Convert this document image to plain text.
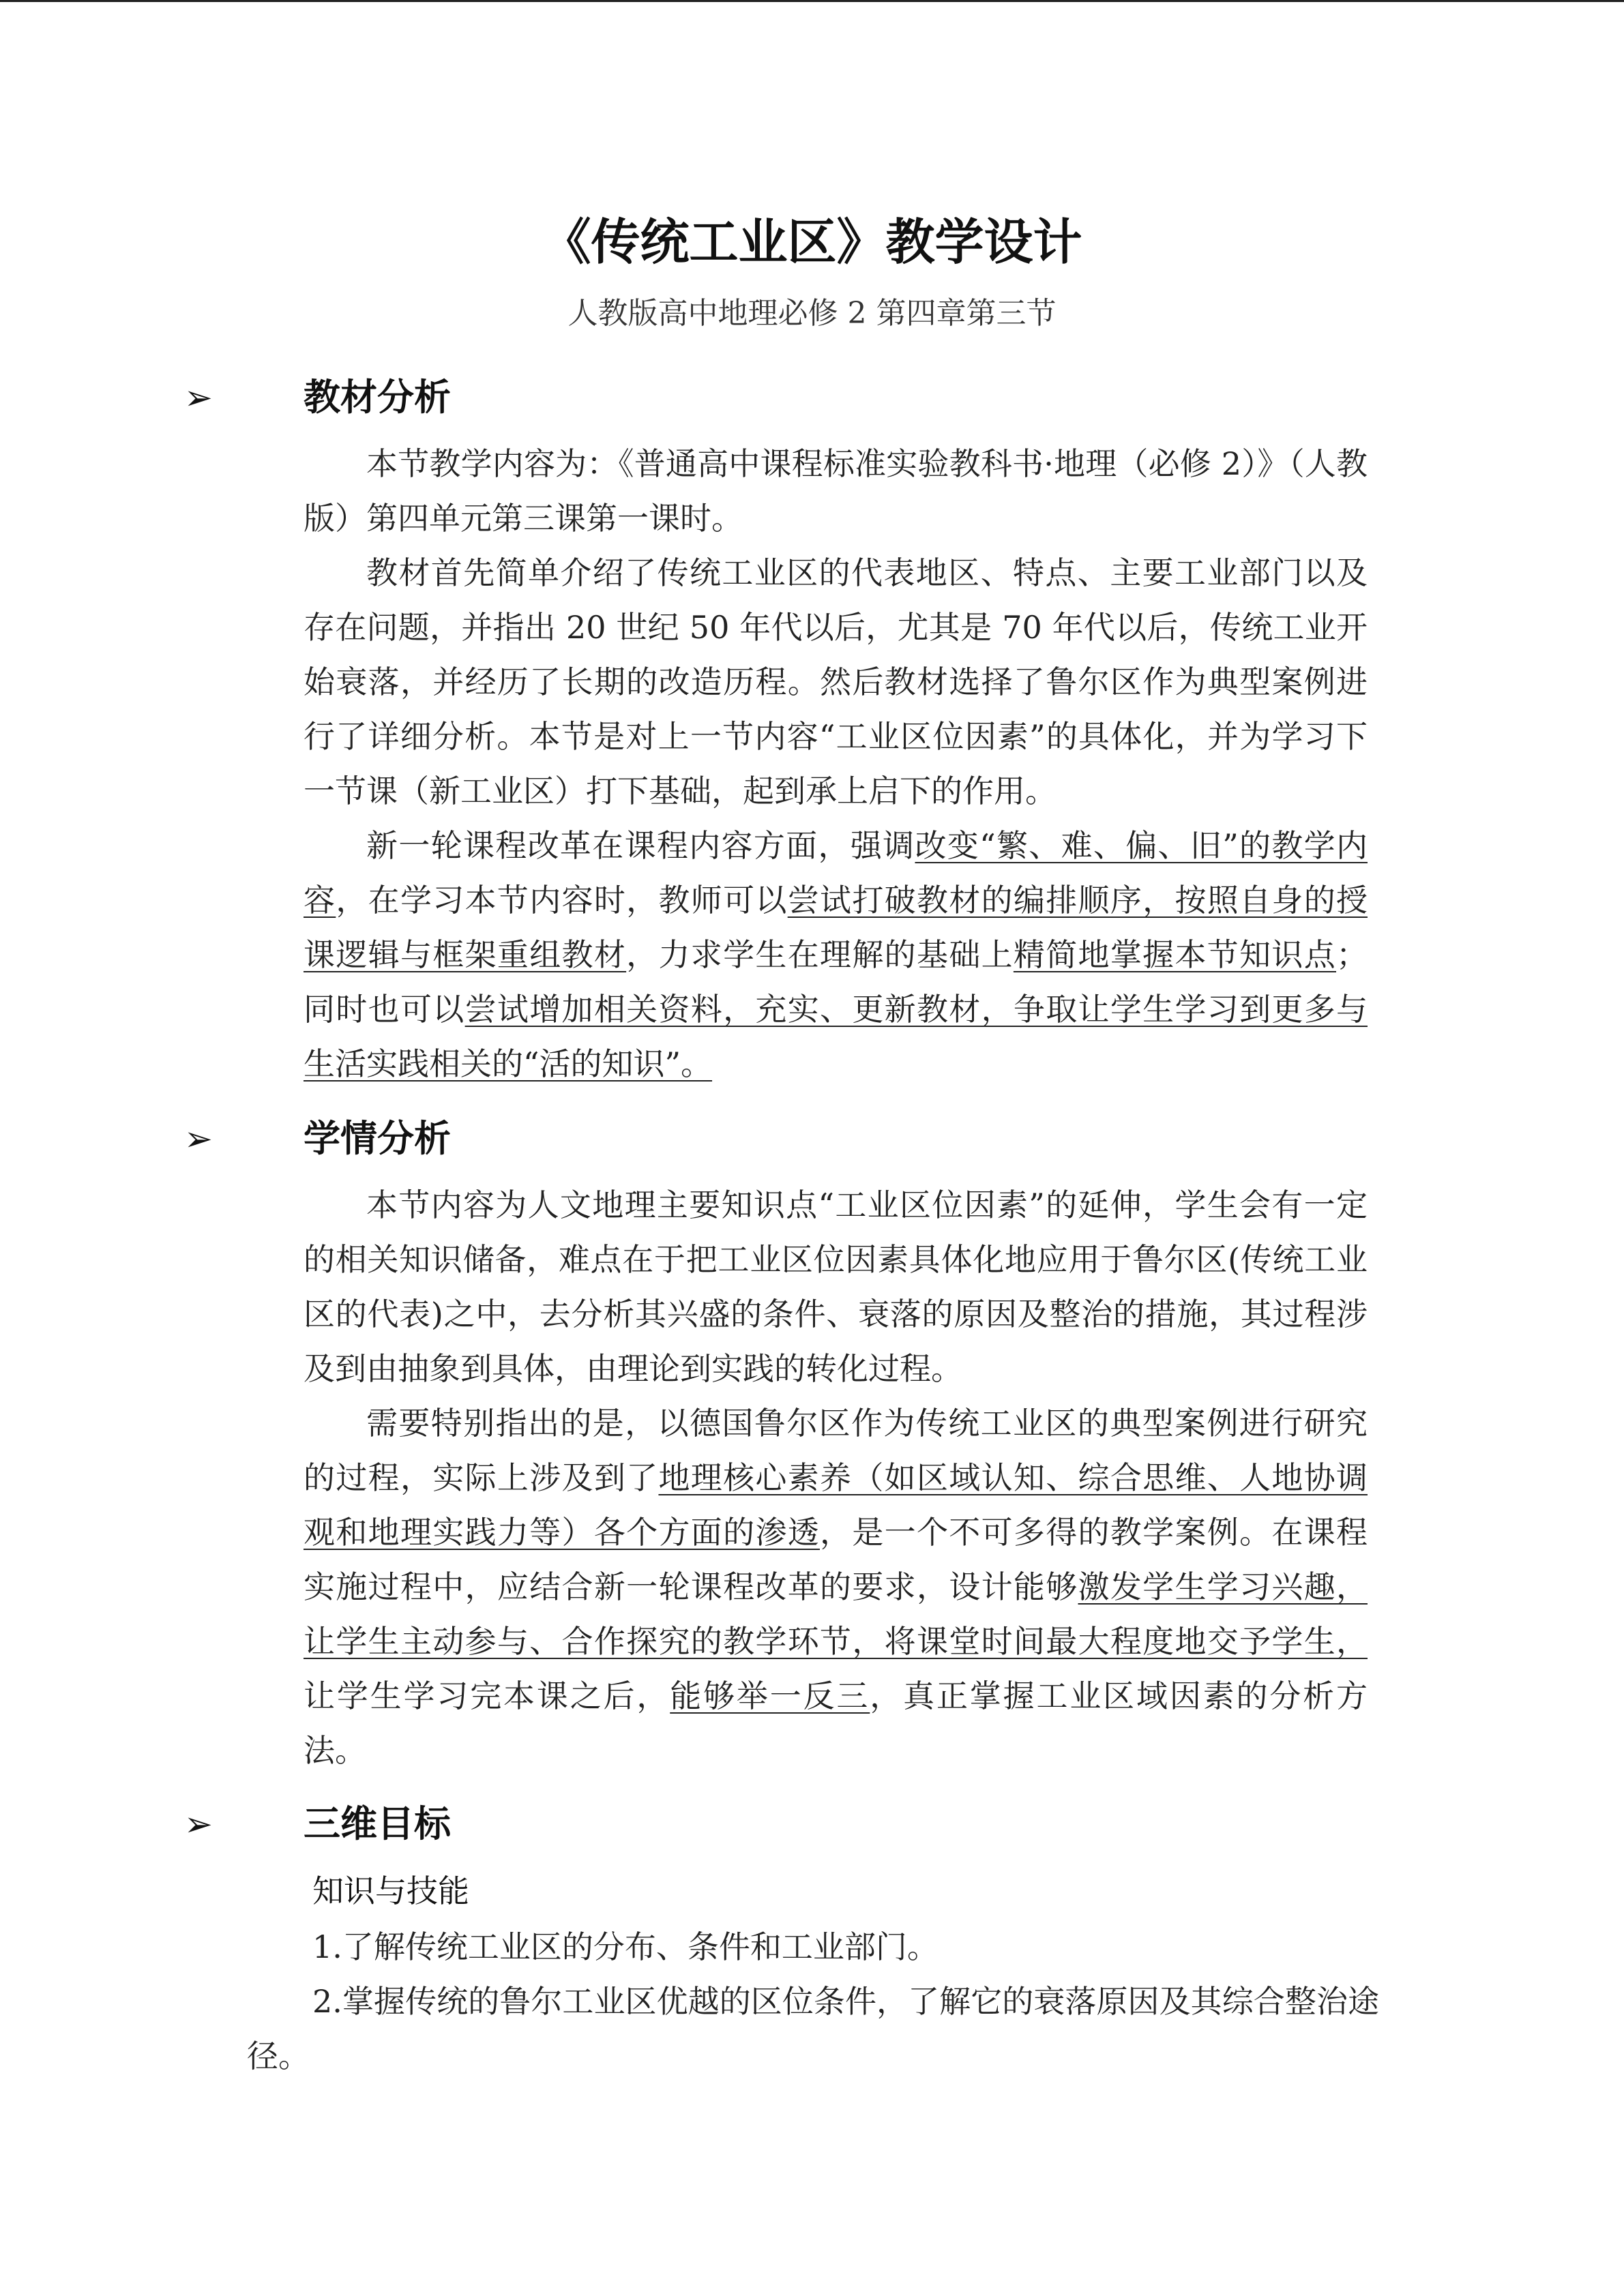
《传统工业区》教学设计
人教版高中地理必修 2 第四章第三节
➢ 教材分析

本节教学内容为：《普通高中课程标准实验教科书·地理（必修 2）》（人教版）第四单元第三课第一课时。

教材首先简单介绍了传统工业区的代表地区、特点、主要工业部门以及存在问题，并指出 20 世纪 50 年代以后，尤其是 70 年代以后，传统工业开始衰落，并经历了长期的改造历程。然后教材选择了鲁尔区作为典型案例进行了详细分析。本节是对上一节内容“工业区位因素”的具体化，并为学习下一节课（新工业区）打下基础，起到承上启下的作用。

新一轮课程改革在课程内容方面，强调改变“繁、难、偏、旧”的教学内容，在学习本节内容时，教师可以尝试打破教材的编排顺序，按照自身的授课逻辑与框架重组教材，力求学生在理解的基础上精简地掌握本节知识点；同时也可以尝试增加相关资料，充实、更新教材，争取让学生学习到更多与生活实践相关的“活的知识”。

➢ 学情分析

本节内容为人文地理主要知识点“工业区位因素”的延伸，学生会有一定的相关知识储备，难点在于把工业区位因素具体化地应用于鲁尔区(传统工业区的代表)之中，去分析其兴盛的条件、衰落的原因及整治的措施，其过程涉及到由抽象到具体，由理论到实践的转化过程。

需要特别指出的是，以德国鲁尔区作为传统工业区的典型案例进行研究的过程，实际上涉及到了地理核心素养（如区域认知、综合思维、人地协调观和地理实践力等）各个方面的渗透，是一个不可多得的教学案例。在课程实施过程中，应结合新一轮课程改革的要求，设计能够激发学生学习兴趣，让学生主动参与、合作探究的教学环节，将课堂时间最大程度地交予学生，让学生学习完本课之后，能够举一反三，真正掌握工业区域因素的分析方法。

➢ 三维目标
知识与技能

1.了解传统工业区的分布、条件和工业部门。

2.掌握传统的鲁尔工业区优越的区位条件，了解它的衰落原因及其综合整治途径。
